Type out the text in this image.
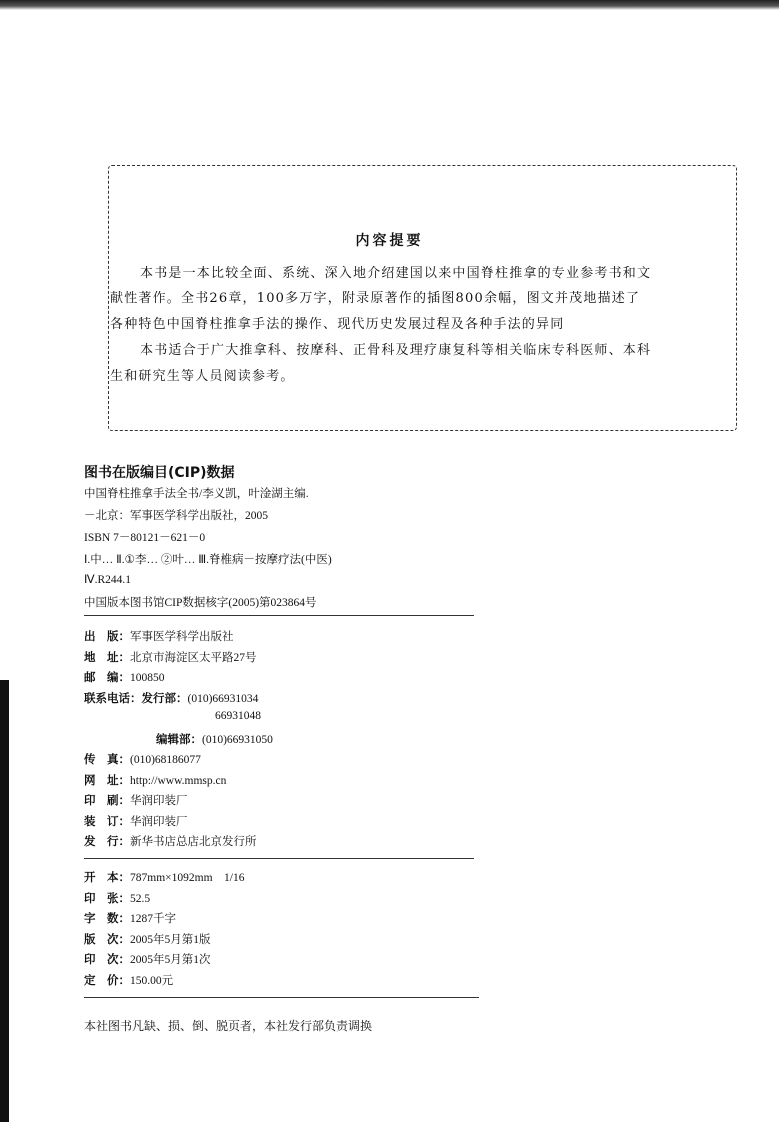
内容提要
本书是一本比较全面、系统、深入地介绍建国以来中国脊柱推拿的专业参考书和文
献性著作。全书26章，100多万字，附录原著作的插图800余幅，图文并茂地描述了
各种特色中国脊柱推拿手法的操作、现代历史发展过程及各种手法的异同
本书适合于广大推拿科、按摩科、正骨科及理疗康复科等相关临床专科医师、本科
生和研究生等人员阅读参考。
图书在版编目(CIP)数据
中国脊柱推拿手法全书/李义凯，叶淦湖主编.
－北京：军事医学科学出版社，2005
ISBN 7－80121－621－0
Ⅰ.中… Ⅱ.①李… ②叶… Ⅲ.脊椎病－按摩疗法(中医)
Ⅳ.R244.1
中国版本图书馆CIP数据核字(2005)第023864号
出　版：军事医学科学出版社
地　址：北京市海淀区太平路27号
邮　编：100850
联系电话：发行部：(010)66931034
66931048
编辑部：(010)66931050
传　真：(010)68186077
网　址：http://www.mmsp.cn
印　刷：华润印装厂
装　订：华润印装厂
发　行：新华书店总店北京发行所
开　本：787mm×1092mm　1/16
印　张：52.5
字　数：1287千字
版　次：2005年5月第1版
印　次：2005年5月第1次
定　价：150.00元
本社图书凡缺、损、倒、脱页者，本社发行部负责调换
